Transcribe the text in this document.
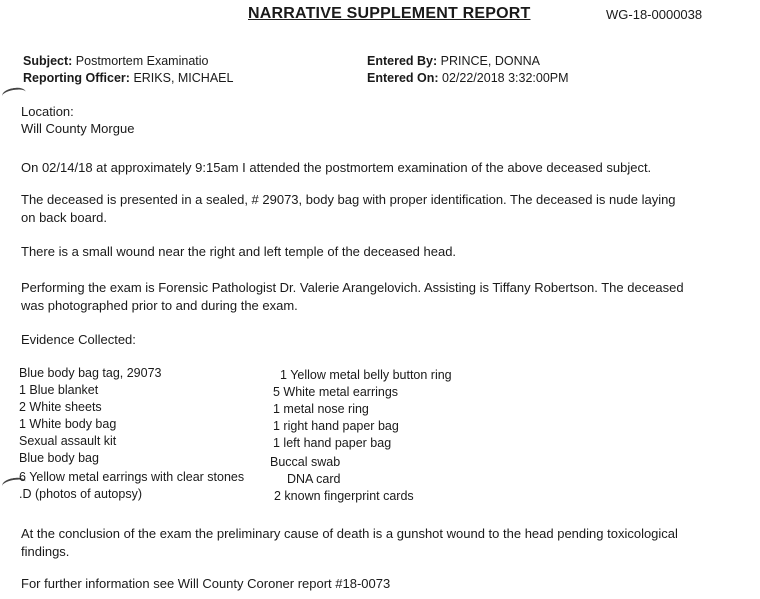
NARRATIVE SUPPLEMENT REPORT	WG-18-0000038
Subject: Postmortem Examinatio
Reporting Officer: ERIKS, MICHAEL
Entered By: PRINCE, DONNA
Entered On: 02/22/2018 3:32:00PM
Location:
Will County Morgue
On 02/14/18 at approximately 9:15am I attended the postmortem examination of the above deceased subject.
The deceased is presented in a sealed, # 29073, body bag with proper identification. The deceased is nude laying on back board.
There is a small wound near the right and left temple of the deceased head.
Performing the exam is Forensic Pathologist Dr. Valerie Arangelovich. Assisting is Tiffany Robertson. The deceased was photographed prior to and during the exam.
Evidence Collected:
Blue body bag tag, 29073
1 Blue blanket
2 White sheets
1 White body bag
Sexual assault kit
Blue body bag
6 Yellow metal earrings with clear stones
.D (photos of autopsy)
1 Yellow metal belly button ring
5 White metal earrings
1 metal nose ring
1 right hand paper bag
1 left hand paper bag
Buccal swab
DNA card
2 known fingerprint cards
At the conclusion of the exam the preliminary cause of death is a gunshot wound to the head pending toxicological findings.
For further information see Will County Coroner report #18-0073
